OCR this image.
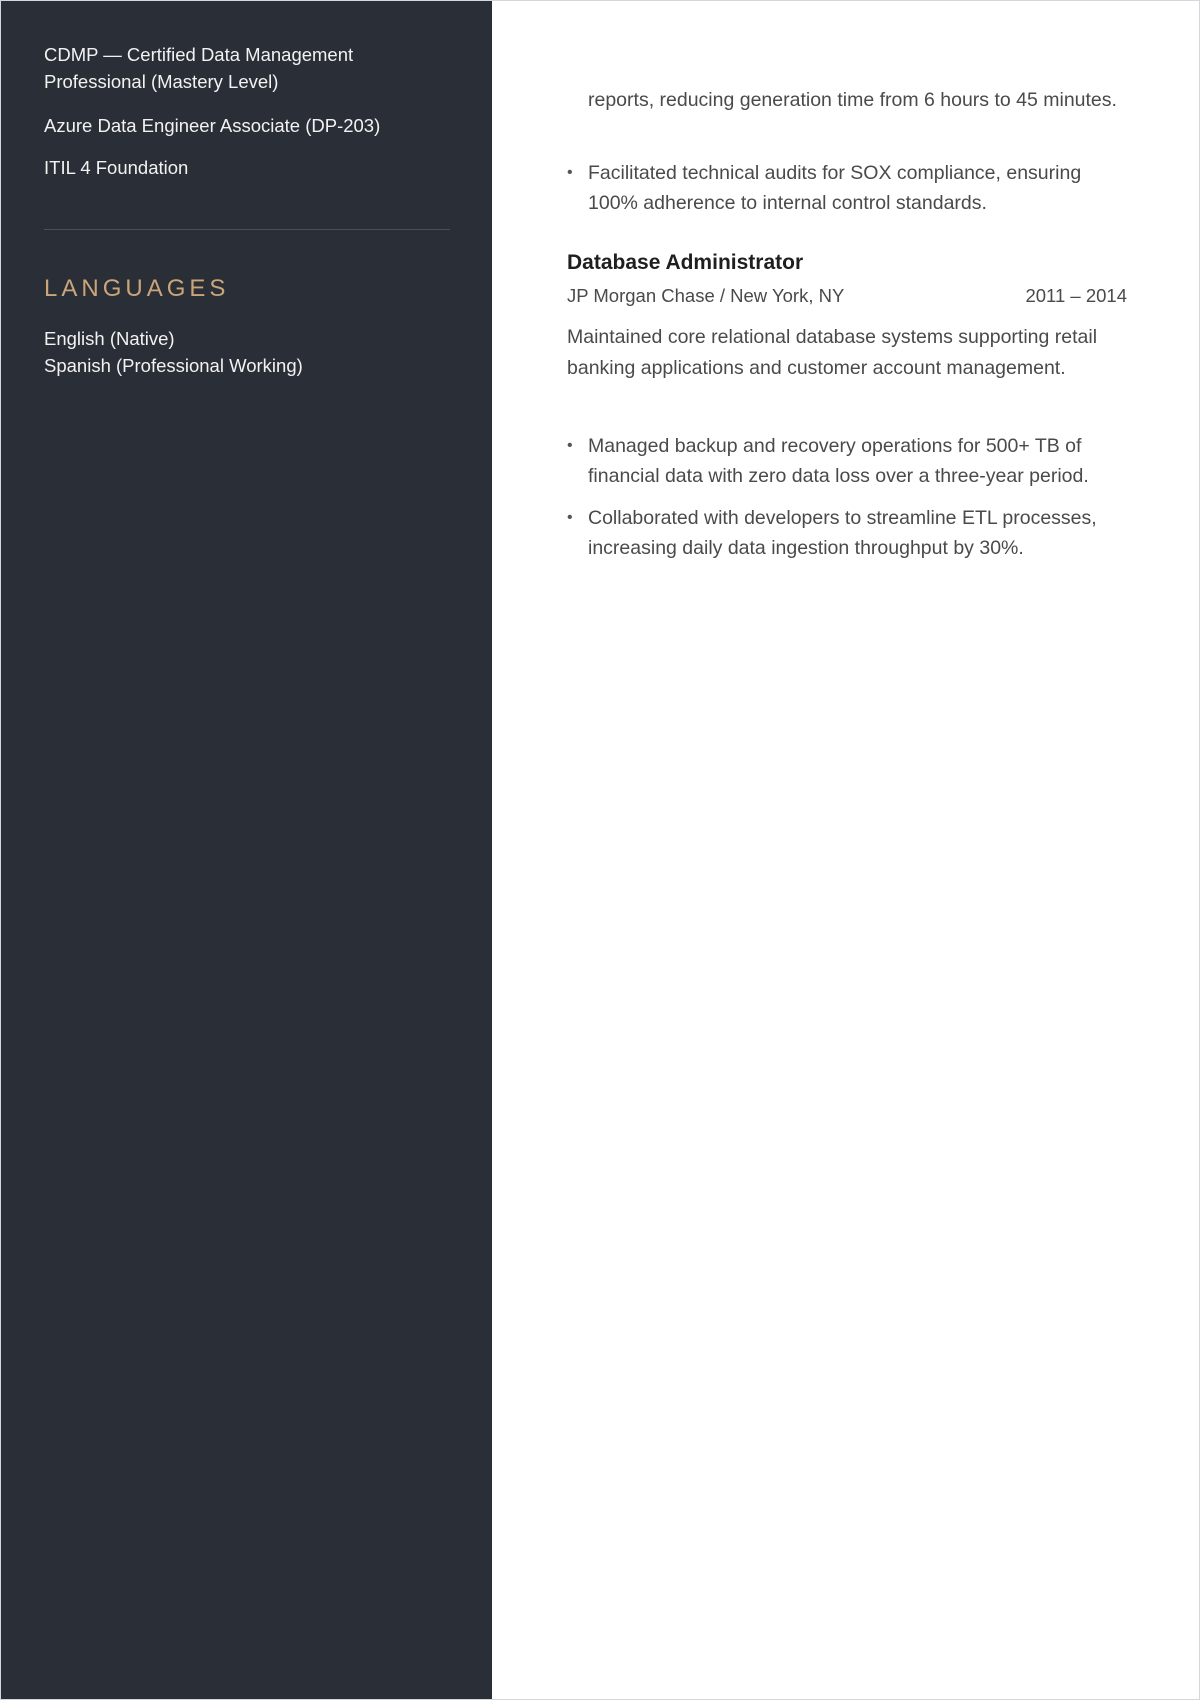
CDMP — Certified Data Management Professional (Mastery Level)
Azure Data Engineer Associate (DP-203)
ITIL 4 Foundation
LANGUAGES
English (Native)
Spanish (Professional Working)
reports, reducing generation time from 6 hours to 45 minutes.
• Facilitated technical audits for SOX compliance, ensuring 100% adherence to internal control standards.
Database Administrator
JP Morgan Chase / New York, NY	2011 – 2014
Maintained core relational database systems supporting retail banking applications and customer account management.
• Managed backup and recovery operations for 500+ TB of financial data with zero data loss over a three-year period.
• Collaborated with developers to streamline ETL processes, increasing daily data ingestion throughput by 30%.
